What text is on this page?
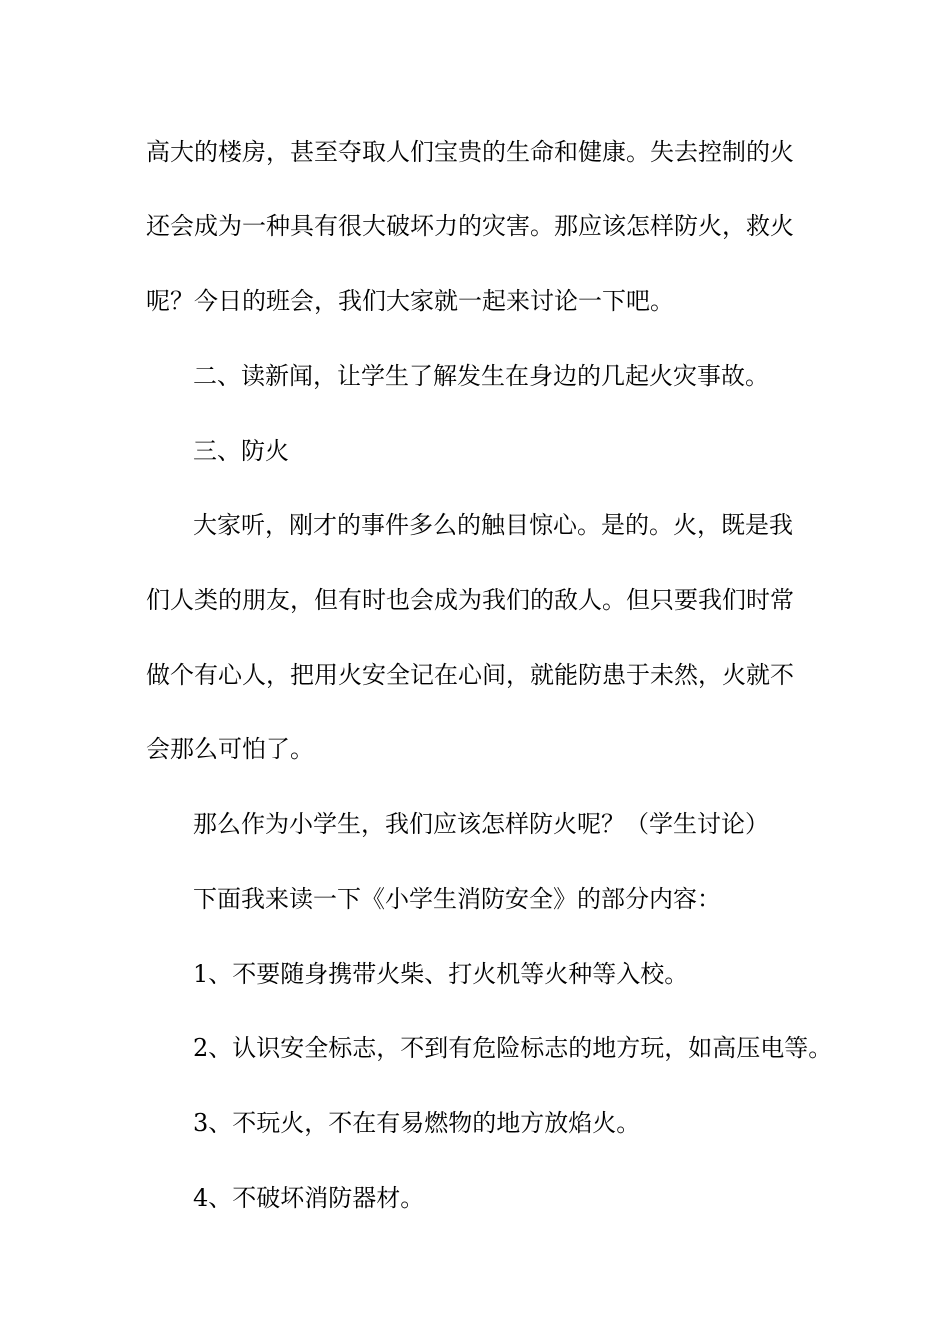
高大的楼房，甚至夺取人们宝贵的生命和健康。失去控制的火

还会成为一种具有很大破坏力的灾害。那应该怎样防火，救火

呢？今日的班会，我们大家就一起来讨论一下吧。

二、读新闻，让学生了解发生在身边的几起火灾事故。

三、防火

大家听，刚才的事件多么的触目惊心。是的。火，既是我

们人类的朋友，但有时也会成为我们的敌人。但只要我们时常

做个有心人，把用火安全记在心间，就能防患于未然，火就不

会那么可怕了。

那么作为小学生，我们应该怎样防火呢？（学生讨论）

下面我来读一下《小学生消防安全》的部分内容：

1、不要随身携带火柴、打火机等火种等入校。

2、认识安全标志，不到有危险标志的地方玩，如高压电等。

3、不玩火，不在有易燃物的地方放焰火。

4、不破坏消防器材。
